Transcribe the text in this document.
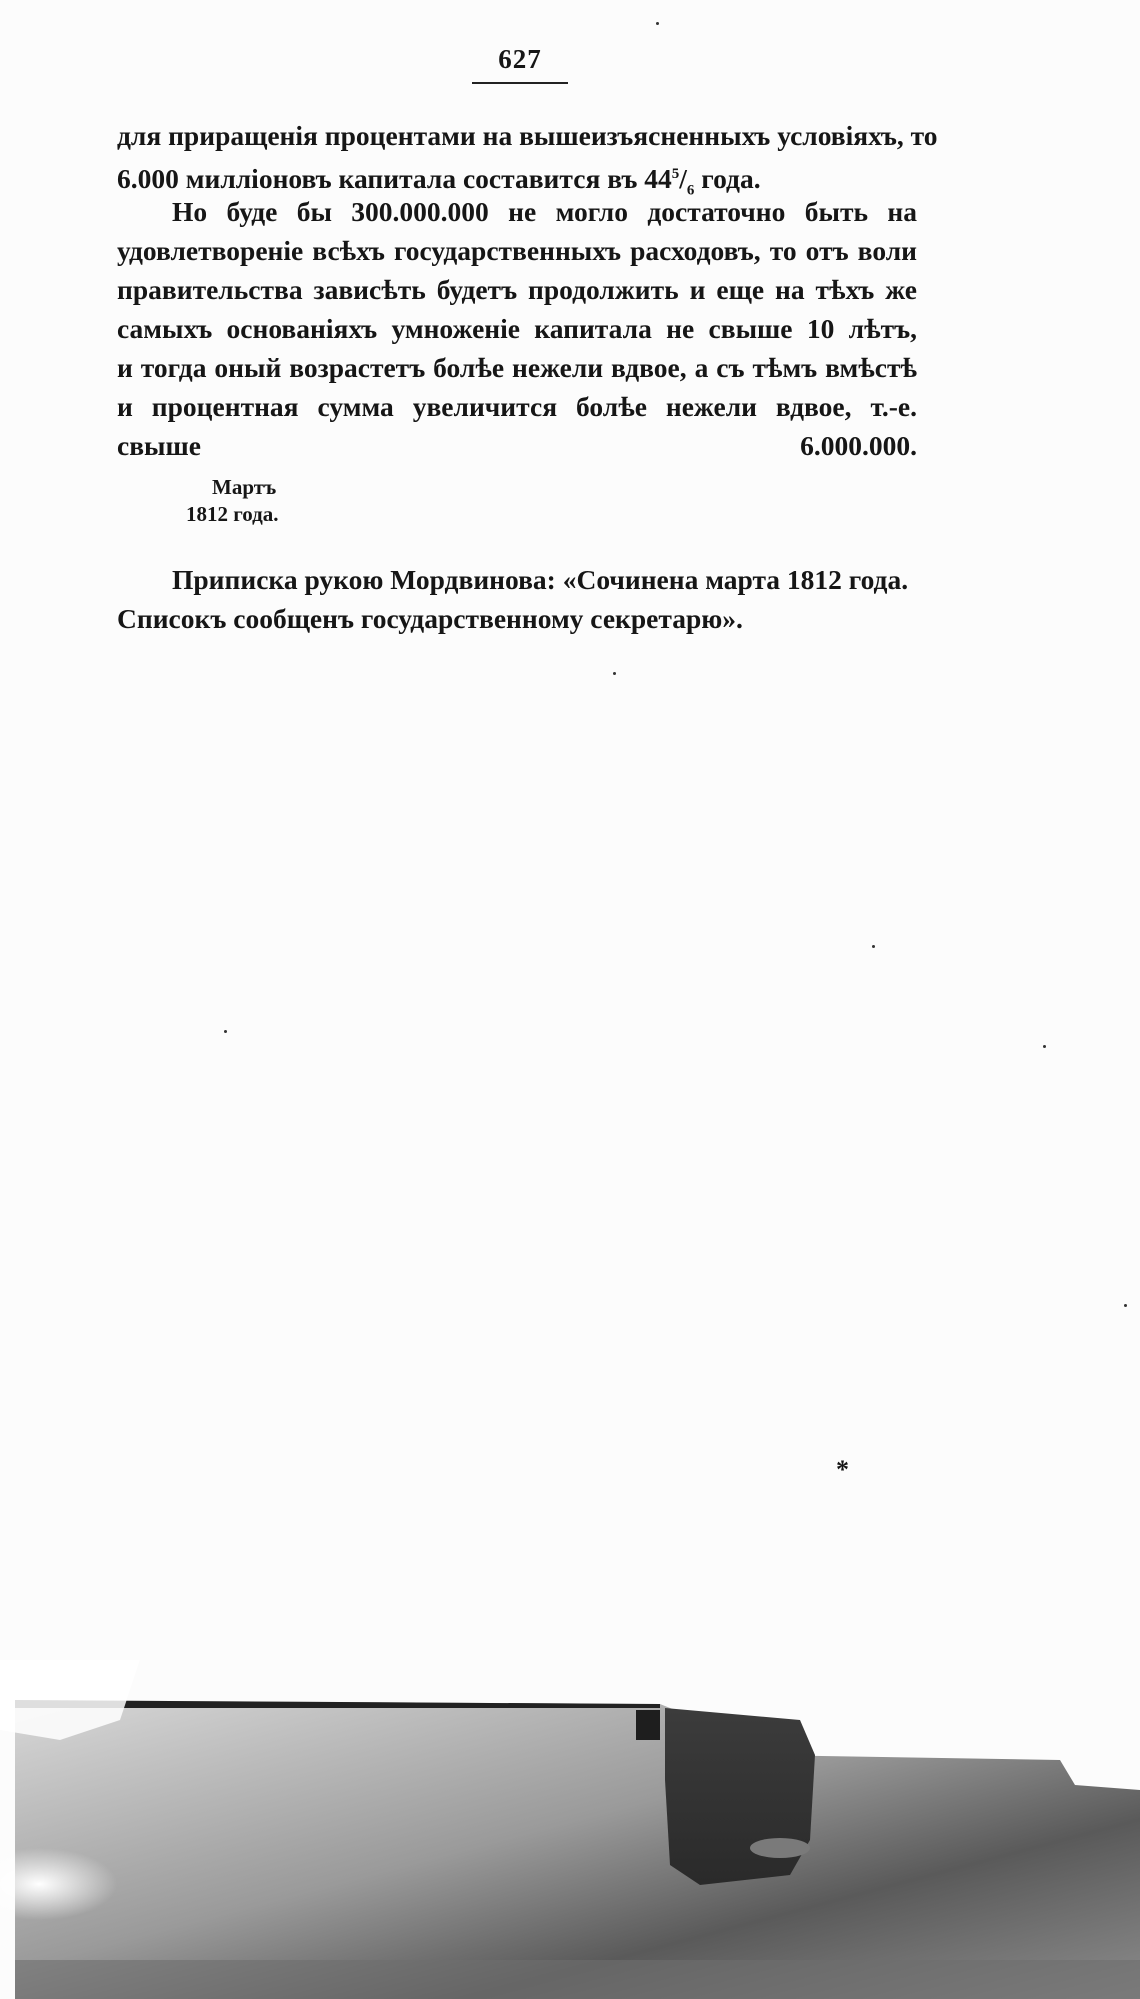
627
для приращенія процентами на вышеизъясненныхъ условіяхъ, то
6.000 милліоновъ капитала составится въ $44^5/_6$ года.
Но буде бы 300.000.000 не могло достаточно быть на
удовлетвореніе всѣхъ государственныхъ расходовъ, то отъ воли
правительства зависѣть будетъ продолжить и еще на тѣхъ же
самыхъ основаніяхъ умноженіе капитала не свыше 10 лѣтъ,
и тогда оный возрастетъ болѣе нежели вдвое, а съ тѣмъ вмѣстѣ
и процентная сумма увеличится болѣе нежели вдвое, т.-е.
свыше 6.000.000.
Мартъ
1812 года.
Приписка рукою Мордвинова: «Сочинена марта 1812 года.
Списокъ сообщенъ государственному секретарю».
*
